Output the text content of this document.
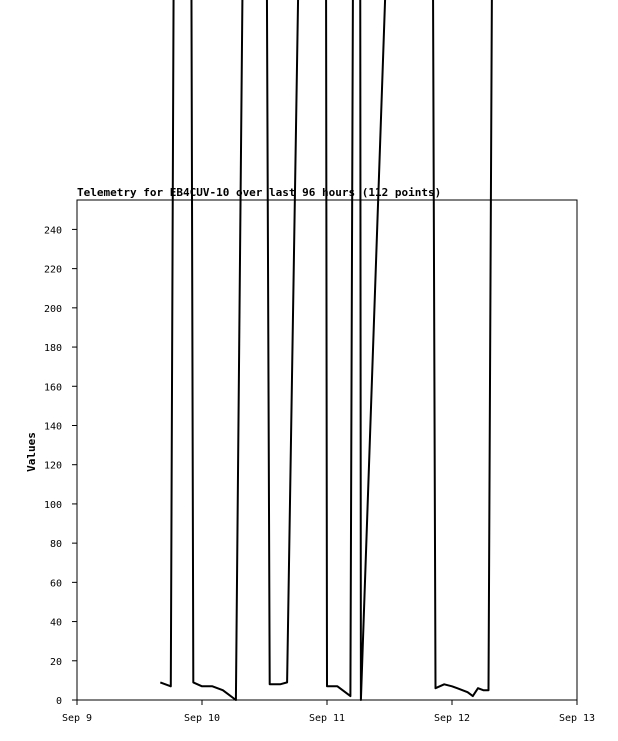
0
20
40
60
80
100
120
140
160
180
200
220
240
Sep 9	Sep 10	Sep 11	Sep 12	Sep 13
Telemetry for EB4CUV-10 over last 96 hours (112 points)
Values
